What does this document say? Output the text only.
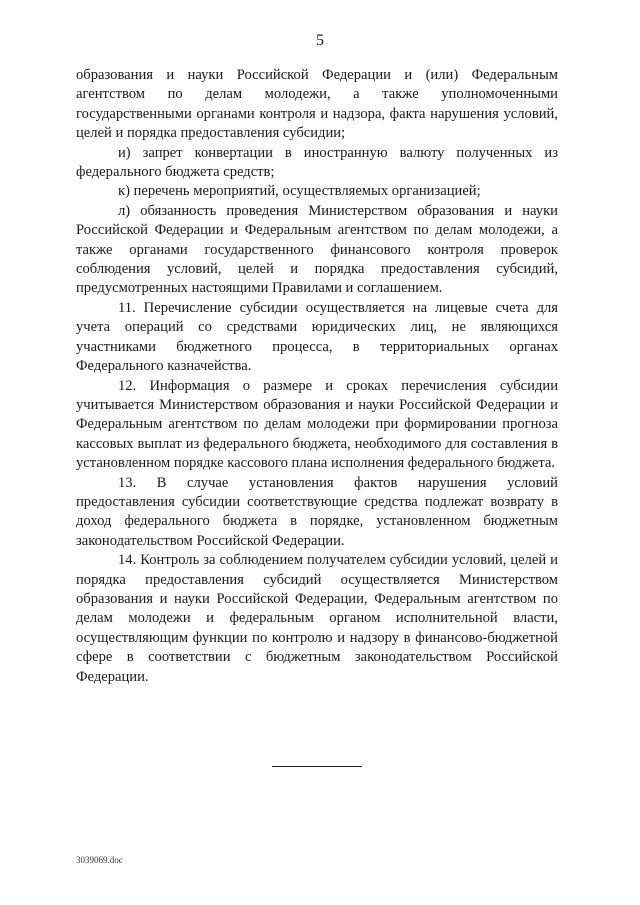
5

образования и науки Российской Федерации и (или) Федеральным агентством по делам молодежи, а также уполномоченными государственными органами контроля и надзора, факта нарушения условий, целей и порядка предоставления субсидии;

и) запрет конвертации в иностранную валюту полученных из федерального бюджета средств;

к) перечень мероприятий, осуществляемых организацией;

л) обязанность проведения Министерством образования и науки Российской Федерации и Федеральным агентством по делам молодежи, а также органами государственного финансового контроля проверок соблюдения условий, целей и порядка предоставления субсидий, предусмотренных настоящими Правилами и соглашением.

11. Перечисление субсидии осуществляется на лицевые счета для учета операций со средствами юридических лиц, не являющихся участниками бюджетного процесса, в территориальных органах Федерального казначейства.

12. Информация о размере и сроках перечисления субсидии учитывается Министерством образования и науки Российской Федерации и Федеральным агентством по делам молодежи при формировании прогноза кассовых выплат из федерального бюджета, необходимого для составления в установленном порядке кассового плана исполнения федерального бюджета.

13. В случае установления фактов нарушения условий предоставления субсидии соответствующие средства подлежат возврату в доход федерального бюджета в порядке, установленном бюджетным законодательством Российской Федерации.

14. Контроль за соблюдением получателем субсидии условий, целей и порядка предоставления субсидий осуществляется Министерством образования и науки Российской Федерации, Федеральным агентством по делам молодежи и федеральным органом исполнительной власти, осуществляющим функции по контролю и надзору в финансово-бюджетной сфере в соответствии с бюджетным законодательством Российской Федерации.

3039069.doc
